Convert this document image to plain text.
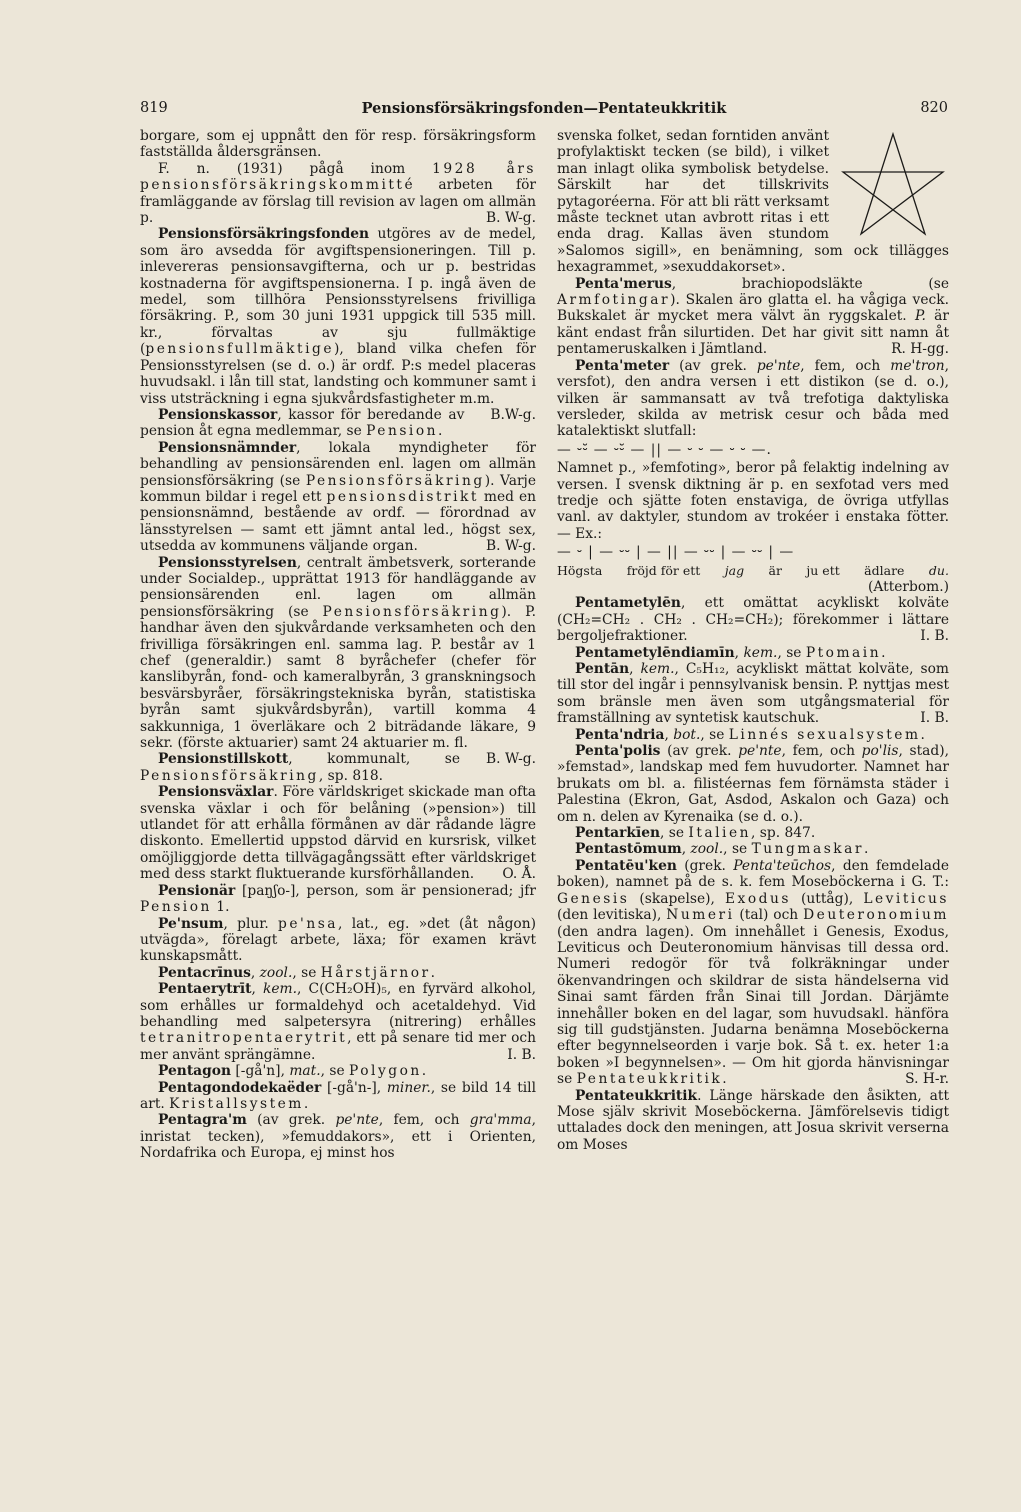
819	Pensionsförsäkringsfonden—Pentateukkritik	820

borgare, som ej uppnått den för resp. försäkringsform fastställda åldersgränsen.

F. n. (1931) pågå inom 1928 års pensionsförsäkringskommitté arbeten för framläggande av förslag till revision av lagen om allmän p.	B. W-g.

Pensionsförsäkringsfonden utgöres av de medel, som äro avsedda för avgiftspensioneringen. Till p. inlevereras pensionsavgifterna, och ur p. bestridas kostnaderna för avgiftspensionerna. I p. ingå även de medel, som tillhöra Pensionsstyrelsens frivilliga försäkring. P., som 30 juni 1931 uppgick till 535 mill. kr., förvaltas av sju fullmäktige (pensionsfullmäktige), bland vilka chefen för Pensionsstyrelsen (se d. o.) är ordf. P:s medel placeras huvudsakl. i lån till stat, landsting och kommuner samt i viss utsträckning i egna sjukvårdsfastigheter m.m.
B.W-g.

Pensionskassor, kassor för beredande av pension åt egna medlemmar, se Pension.

Pensionsnämnder, lokala myndigheter för behandling av pensionsärenden enl. lagen om allmän pensionsförsäkring (se Pensionsförsäkring). Varje kommun bildar i regel ett pensionsdistrikt med en pensionsnämnd, bestående av ordf. — förordnad av länsstyrelsen — samt ett jämnt antal led., högst sex, utsedda av kommunens väljande organ.	B. W-g.

Pensionsstyrelsen, centralt ämbetsverk, sorterande under Socialdep., upprättat 1913 för handläggande av pensionsärenden enl. lagen om allmän pensionsförsäkring (se Pensionsförsäkring). P. handhar även den sjukvårdande verksamheten och den frivilliga försäkringen enl. samma lag. P. består av 1 chef (generaldir.) samt 8 byråchefer (chefer för kanslibyrån, fond- och kameralbyrån, 3 granskningsoch besvärsbyråer, försäkringstekniska byrån, statistiska byrån samt sjukvårdsbyrån), vartill komma 4 sakkunniga, 1 överläkare och 2 biträdande läkare, 9 sekr. (förste aktuarier) samt 24 aktuarier m. fl.
B. W-g.

Pensionstillskott, kommunalt, se Pensionsförsäkring, sp. 818.

Pensionsväxlar. Före världskriget skickade man ofta svenska växlar i och för belåning (»pension») till utlandet för att erhålla förmånen av där rådande lägre diskonto. Emellertid uppstod därvid en kursrisk, vilket omöjliggjorde detta tillvägagångssätt efter världskriget med dess starkt fluktuerande kursförhållanden.	O. Å.

Pensionär [paŋʃo-], person, som är pensionerad; jfr Pension 1.

Pe'nsum, plur. pe'nsa, lat., eg. »det (åt någon) utvägda», förelagt arbete, läxa; för examen krävt kunskapsmått.

Pentacrīnus, zool., se Hårstjärnor.

Pentaerytrīt, kem., C(CH₂OH)₅, en fyrvärd alkohol, som erhålles ur formaldehyd och acetaldehyd. Vid behandling med salpetersyra (nitrering) erhålles tetranitropentaerytrit, ett på senare tid mer och mer använt sprängämne.	I. B.

Pentagon [-gå'n], mat., se Polygon.

Pentagondodekaëder [-gå'n-], miner., se bild 14 till art. Kristallsystem.

Pentagra'm (av grek. pe'nte, fem, och gra'mma, inristat tecken), »femuddakors», ett i Orienten, Nordafrika och Europa, ej minst hos

svenska folket, sedan forntiden använt profylaktiskt tecken (se bild), i vilket man inlagt olika symbolisk betydelse. Särskilt har det tillskrivits pytagoréerna. För att bli rätt verksamt måste tecknet utan avbrott ritas i ett enda drag. Kallas även stundom »Salomos sigill», en benämning, som ock tillägges hexagrammet, »sexuddakorset».

Penta'merus, brachiopodsläkte (se Armfotingar). Skalen äro glatta el. ha vågiga veck. Bukskalet är mycket mera välvt än ryggskalet. P. är känt endast från silurtiden. Det har givit sitt namn åt pentameruskalken i Jämtland.	R. H-gg.

Penta'meter (av grek. pe'nte, fem, och me'tron, versfot), den andra versen i ett distikon (se d. o.), vilken är sammansatt av två trefotiga daktyliska versleder, skilda av metrisk cesur och båda med katalektiskt slutfall:

— ⏑⏑̆ — ⏑⏑̆ — || — ⏑ ⏑ — ⏑ ⏑ —.

Namnet p., »femfoting», beror på felaktig indelning av versen. I svensk diktning är p. en sexfotad vers med tredje och sjätte foten enstaviga, de övriga utfyllas vanl. av daktyler, stundom av trokéer i enstaka fötter. — Ex.:

— ⏑ | — ⏑⏑ | — || — ⏑⏑ | — ⏑⏑ | —

Högsta fröjd för ett jag är ju ett ädlare du.

(Atterbom.)

Pentametylēn, ett omättat acykliskt kolväte (CH₂=CH₂ . CH₂ . CH₂=CH₂); förekommer i lättare bergoljefraktioner.	I. B.

Pentametylēndiamīn, kem., se Ptomain.

Pentān, kem., C₅H₁₂, acykliskt mättat kolväte, som till stor del ingår i pennsylvanisk bensin. P. nyttjas mest som bränsle men även som utgångsmaterial för framställning av syntetisk kautschuk.	I. B.

Penta'ndria, bot., se Linnés sexualsystem.

Penta'polis (av grek. pe'nte, fem, och po'lis, stad), »femstad», landskap med fem huvudorter. Namnet har brukats om bl. a. filistéernas fem förnämsta städer i Palestina (Ekron, Gat, Asdod, Askalon och Gaza) och om n. delen av Kyrenaika (se d. o.).

Pentarkīen, se Italien, sp. 847.

Pentastōmum, zool., se Tungmaskar.

Pentatēu'ken (grek. Penta'teūchos, den femdelade boken), namnet på de s. k. fem Moseböckerna i G. T.: Genesis (skapelse), Exodus (uttåg), Leviticus (den levitiska), Numeri (tal) och Deuteronomium (den andra lagen). Om innehållet i Genesis, Exodus, Leviticus och Deuteronomium hänvisas till dessa ord. Numeri redogör för två folkräkningar under ökenvandringen och skildrar de sista händelserna vid Sinai samt färden från Sinai till Jordan. Därjämte innehåller boken en del lagar, som huvudsakl. hänföra sig till gudstjänsten. Judarna benämna Moseböckerna efter begynnelseorden i varje bok. Så t. ex. heter 1:a boken »I begynnelsen». — Om hit gjorda hänvisningar se Pentateukkritik.	S. H-r.

Pentateukkritik. Länge härskade den åsikten, att Mose själv skrivit Moseböckerna. Jämförelsevis tidigt uttalades dock den meningen, att Josua skrivit verserna om Moses
